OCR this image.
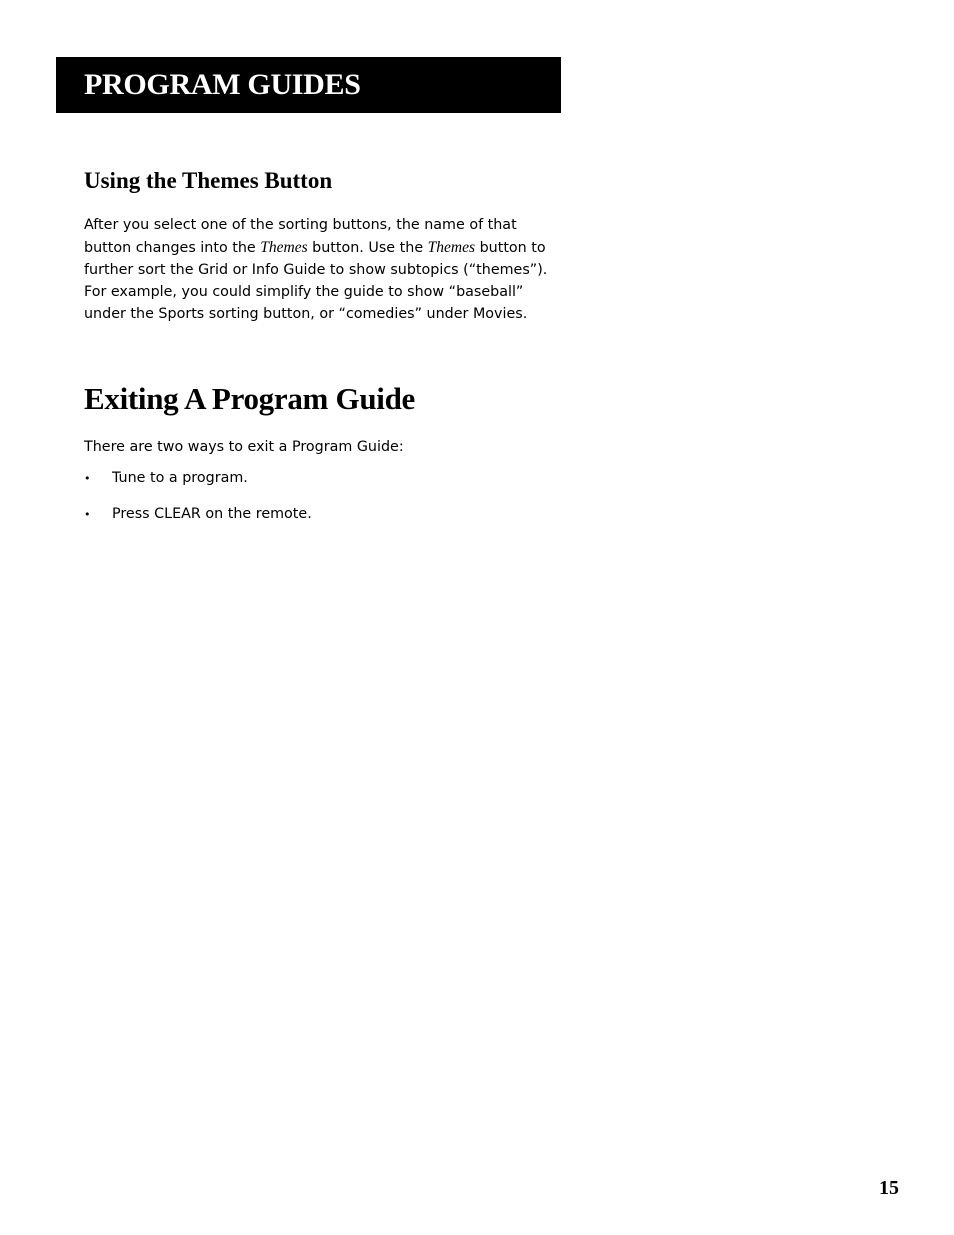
PROGRAM GUIDES
Using the Themes Button

After you select one of the sorting buttons, the name of that button changes into the Themes button. Use the Themes button to further sort the Grid or Info Guide to show subtopics (“themes”). For example, you could simplify the guide to show “baseball” under the Sports sorting button, or “comedies” under Movies.

Exiting A Program Guide

There are two ways to exit a Program Guide:

• Tune to a program.
• Press CLEAR on the remote.
15
